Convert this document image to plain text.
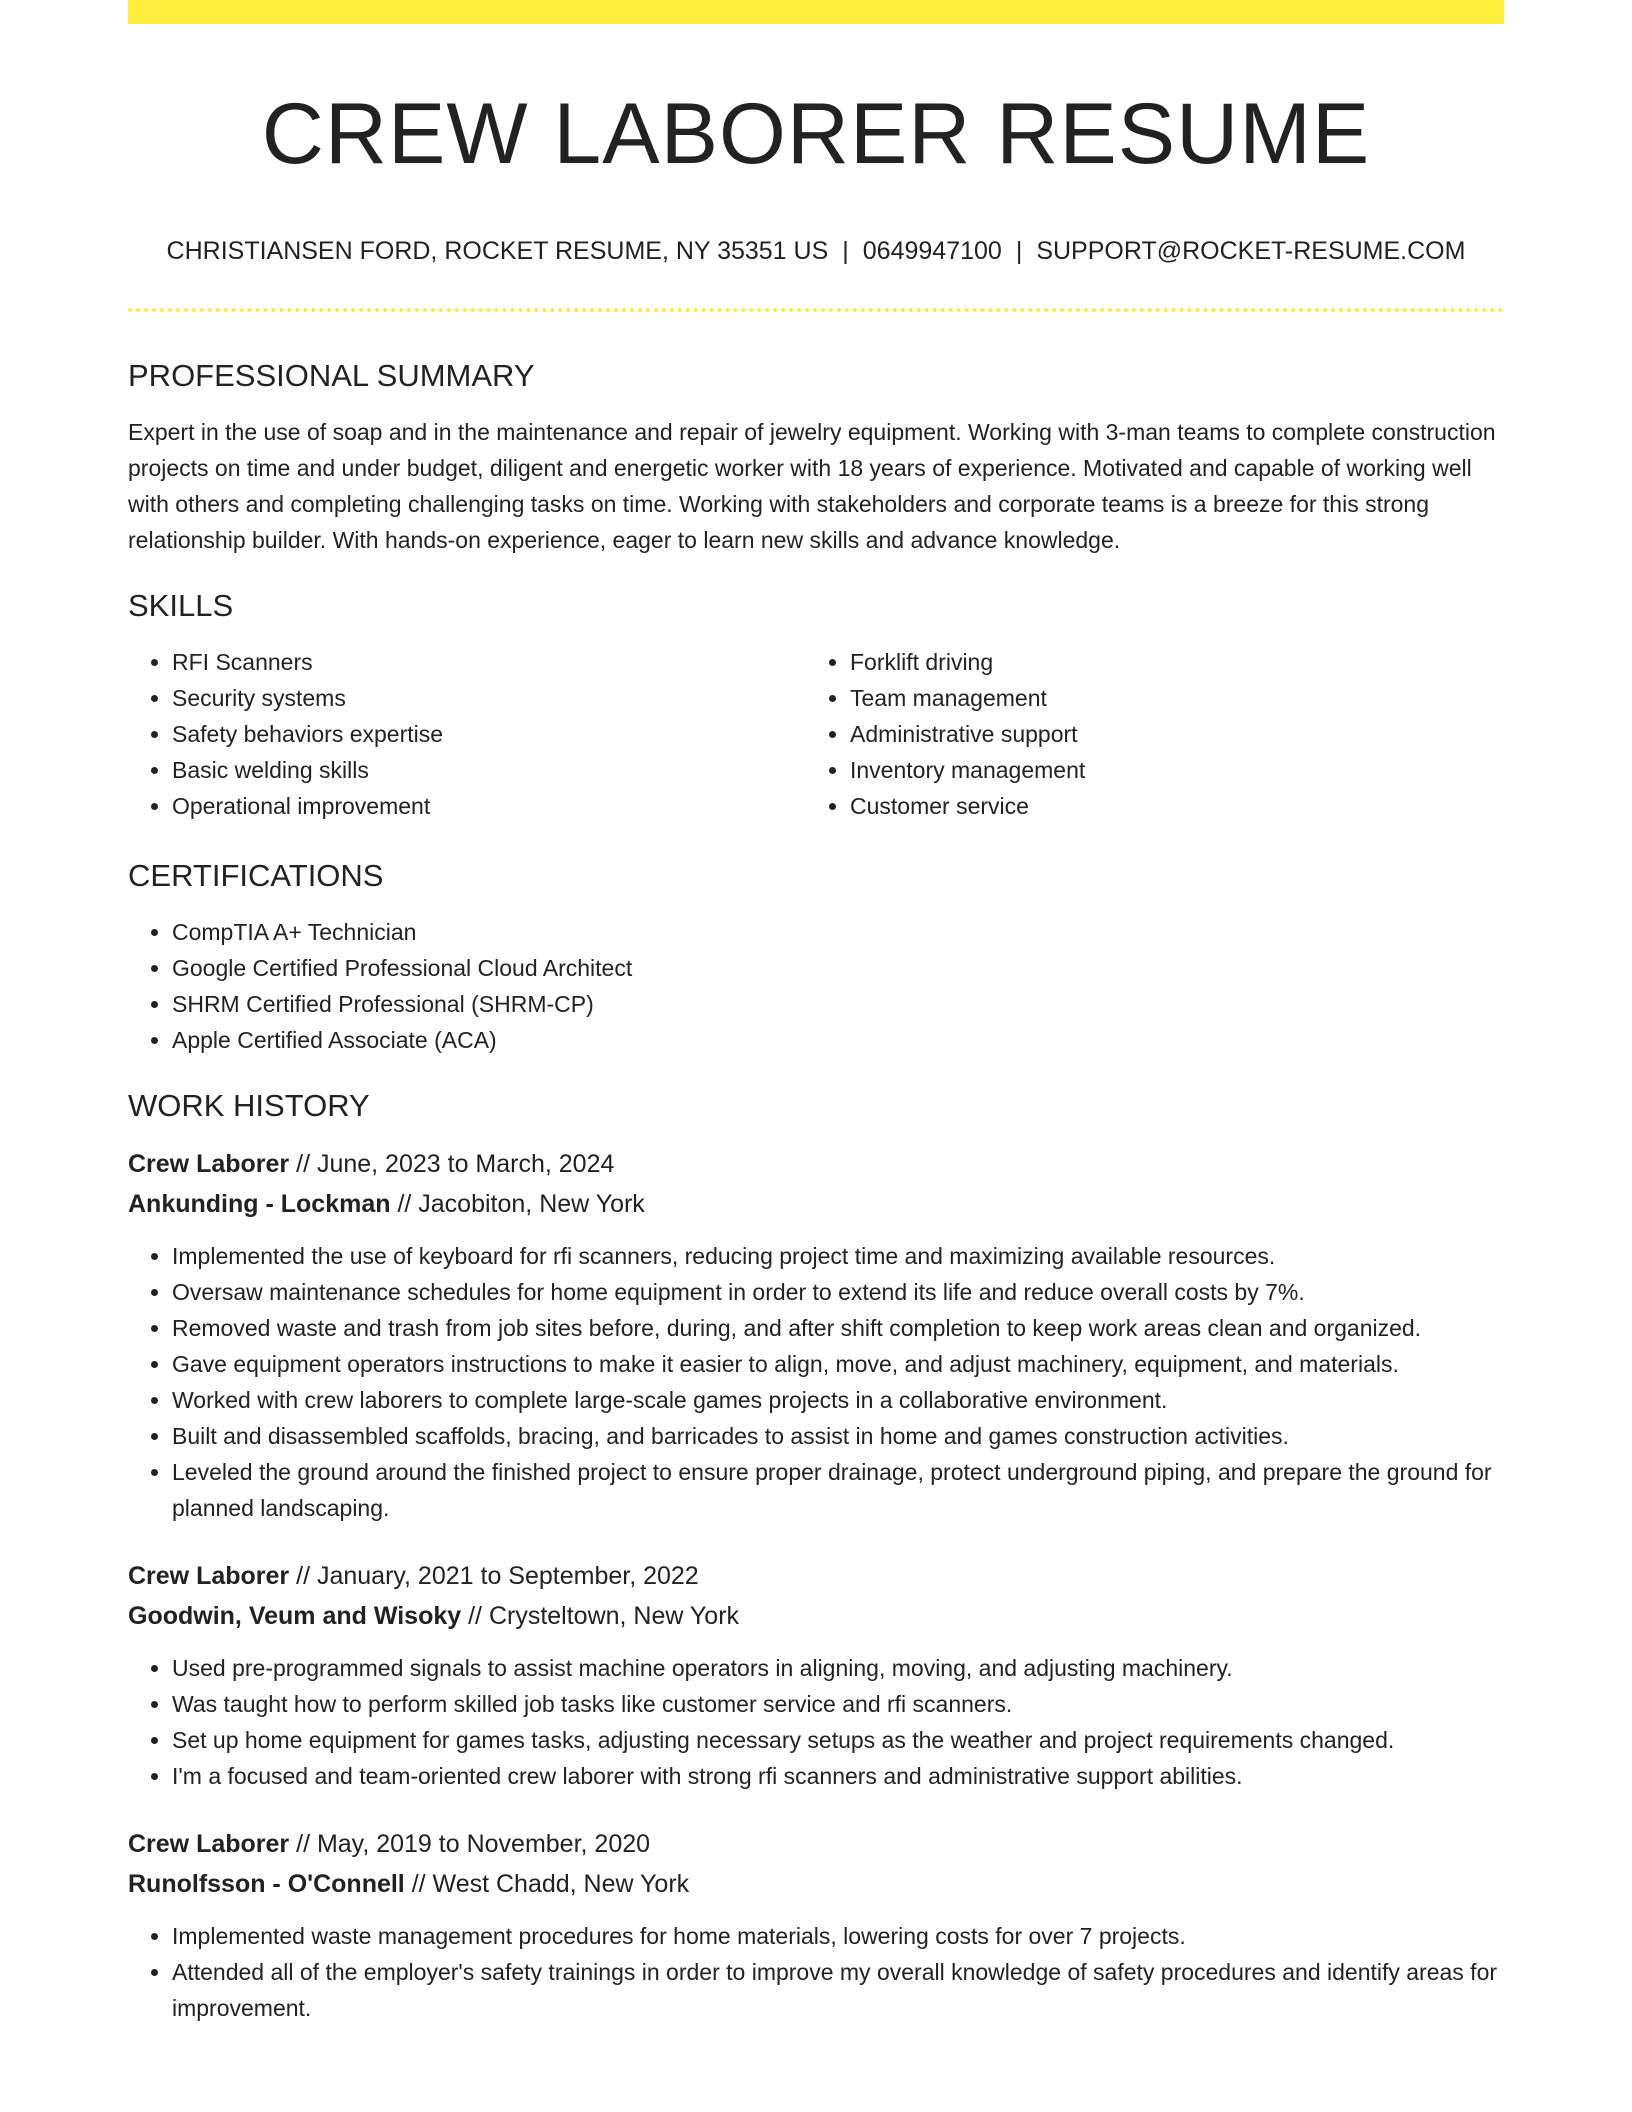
CREW LABORER RESUME
CHRISTIANSEN FORD, ROCKET RESUME, NY 35351 US | 0649947100 | SUPPORT@ROCKET-RESUME.COM
PROFESSIONAL SUMMARY

Expert in the use of soap and in the maintenance and repair of jewelry equipment. Working with 3-man teams to complete construction projects on time and under budget, diligent and energetic worker with 18 years of experience. Motivated and capable of working well with others and completing challenging tasks on time. Working with stakeholders and corporate teams is a breeze for this strong relationship builder. With hands-on experience, eager to learn new skills and advance knowledge.

SKILLS
• RFI Scanners
• Security systems
• Safety behaviors expertise
• Basic welding skills
• Operational improvement
• Forklift driving
• Team management
• Administrative support
• Inventory management
• Customer service
CERTIFICATIONS
• CompTIA A+ Technician
• Google Certified Professional Cloud Architect
• SHRM Certified Professional (SHRM-CP)
• Apple Certified Associate (ACA)
WORK HISTORY
Crew Laborer // June, 2023 to March, 2024
Ankunding - Lockman // Jacobiton, New York
• Implemented the use of keyboard for rfi scanners, reducing project time and maximizing available resources.
• Oversaw maintenance schedules for home equipment in order to extend its life and reduce overall costs by 7%.
• Removed waste and trash from job sites before, during, and after shift completion to keep work areas clean and organized.
• Gave equipment operators instructions to make it easier to align, move, and adjust machinery, equipment, and materials.
• Worked with crew laborers to complete large-scale games projects in a collaborative environment.
• Built and disassembled scaffolds, bracing, and barricades to assist in home and games construction activities.
• Leveled the ground around the finished project to ensure proper drainage, protect underground piping, and prepare the ground for planned landscaping.
Crew Laborer // January, 2021 to September, 2022
Goodwin, Veum and Wisoky // Crysteltown, New York
• Used pre-programmed signals to assist machine operators in aligning, moving, and adjusting machinery.
• Was taught how to perform skilled job tasks like customer service and rfi scanners.
• Set up home equipment for games tasks, adjusting necessary setups as the weather and project requirements changed.
• I'm a focused and team-oriented crew laborer with strong rfi scanners and administrative support abilities.
Crew Laborer // May, 2019 to November, 2020
Runolfsson - O'Connell // West Chadd, New York
• Implemented waste management procedures for home materials, lowering costs for over 7 projects.
• Attended all of the employer's safety trainings in order to improve my overall knowledge of safety procedures and identify areas for improvement.
